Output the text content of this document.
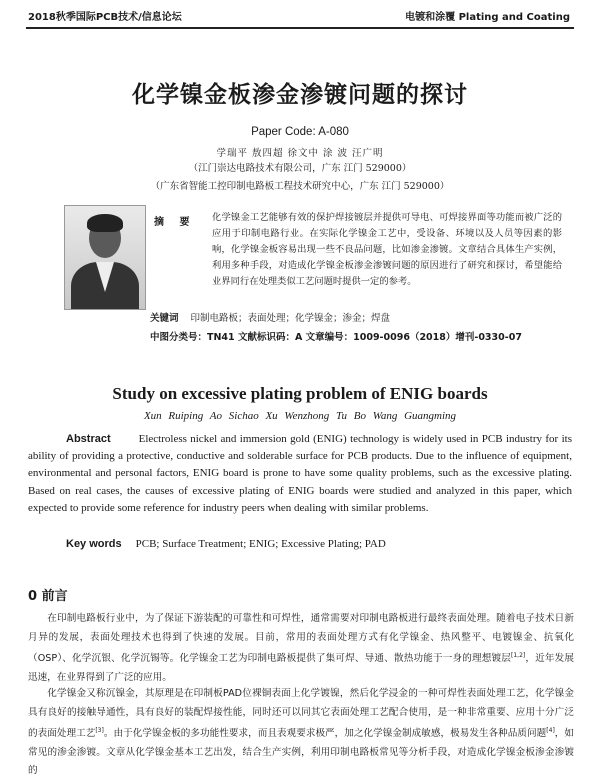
2018秋季国际PCB技术/信息论坛	电镀和涂覆 Plating and Coating
化学镍金板渗金渗镀问题的探讨
Paper Code: A-080
学瑞平 敖四超 徐文中 涂 波 汪广明
（江门崇达电路技术有限公司，广东 江门 529000）
（广东省智能工控印制电路板工程技术研究中心，广东 江门 529000）
摘 要 化学镍金工艺能够有效的保护焊接镀层并提供可导电、可焊接界面等功能而被广泛的应用于印制电路行业。在实际化学镍金工艺中，受设备、环境以及人员等因素的影响，化学镍金板容易出现一些不良品问题，比如渗金渗镀。文章结合具体生产实例，利用多种手段，对造成化学镍金板渗金渗镀问题的原因进行了研究和探讨，希望能给业界同行在处理类似工艺问题时提供一定的参考。
关键词 印制电路板；表面处理；化学镍金；渗金；焊盘
中图分类号：TN41 文献标识码：A 文章编号：1009-0096（2018）增刊-0330-07
Study on excessive plating problem of ENIG boards
Xun Ruiping Ao Sichao Xu Wenzhong Tu Bo Wang Guangming
Abstract	Electroless nickel and immersion gold (ENIG) technology is widely used in PCB industry for its ability of providing a protective, conductive and solderable surface for PCB products. Due to the influence of equipment, environmental and personal factors, ENIG board is prone to have some quality problems, such as the excessive plating. Based on real cases, the causes of excessive plating of ENIG boards were studied and analyzed in this paper, which expected to provide some reference for industry peers when dealing with similar problems.
Key words PCB; Surface Treatment; ENIG; Excessive Plating; PAD
0 前言
在印制电路板行业中，为了保证下游装配的可靠性和可焊性，通常需要对印制电路板进行最终表面处理。随着电子技术日新月异的发展，表面处理技术也得到了快速的发展。目前，常用的表面处理方式有化学镍金、热风整平、电镀镍金、抗氧化（OSP）、化学沉银、化学沉锡等。化学镍金工艺为印制电路板提供了集可焊、导通、散热功能于一身的理想镀层[1,2]，近年发展迅速，在业界得到了广泛的应用。
化学镍金又称沉镍金，其原理是在印制板PAD位裸铜表面上化学镀镍，然后化学浸金的一种可焊性表面处理工艺，化学镍金具有良好的接触导通性，具有良好的装配焊接性能，同时还可以同其它表面处理工艺配合使用，是一种非常重要、应用十分广泛的表面处理工艺[3]。由于化学镍金板的多功能性要求，而且表观要求极严，加之化学镍金制成敏感，极易发生各种品质问题[4]，如常见的渗金渗镀。文章从化学镍金基本工艺出发，结合生产实例，利用印制电路板常见等分析手段，对造成化学镍金板渗金渗镀的
